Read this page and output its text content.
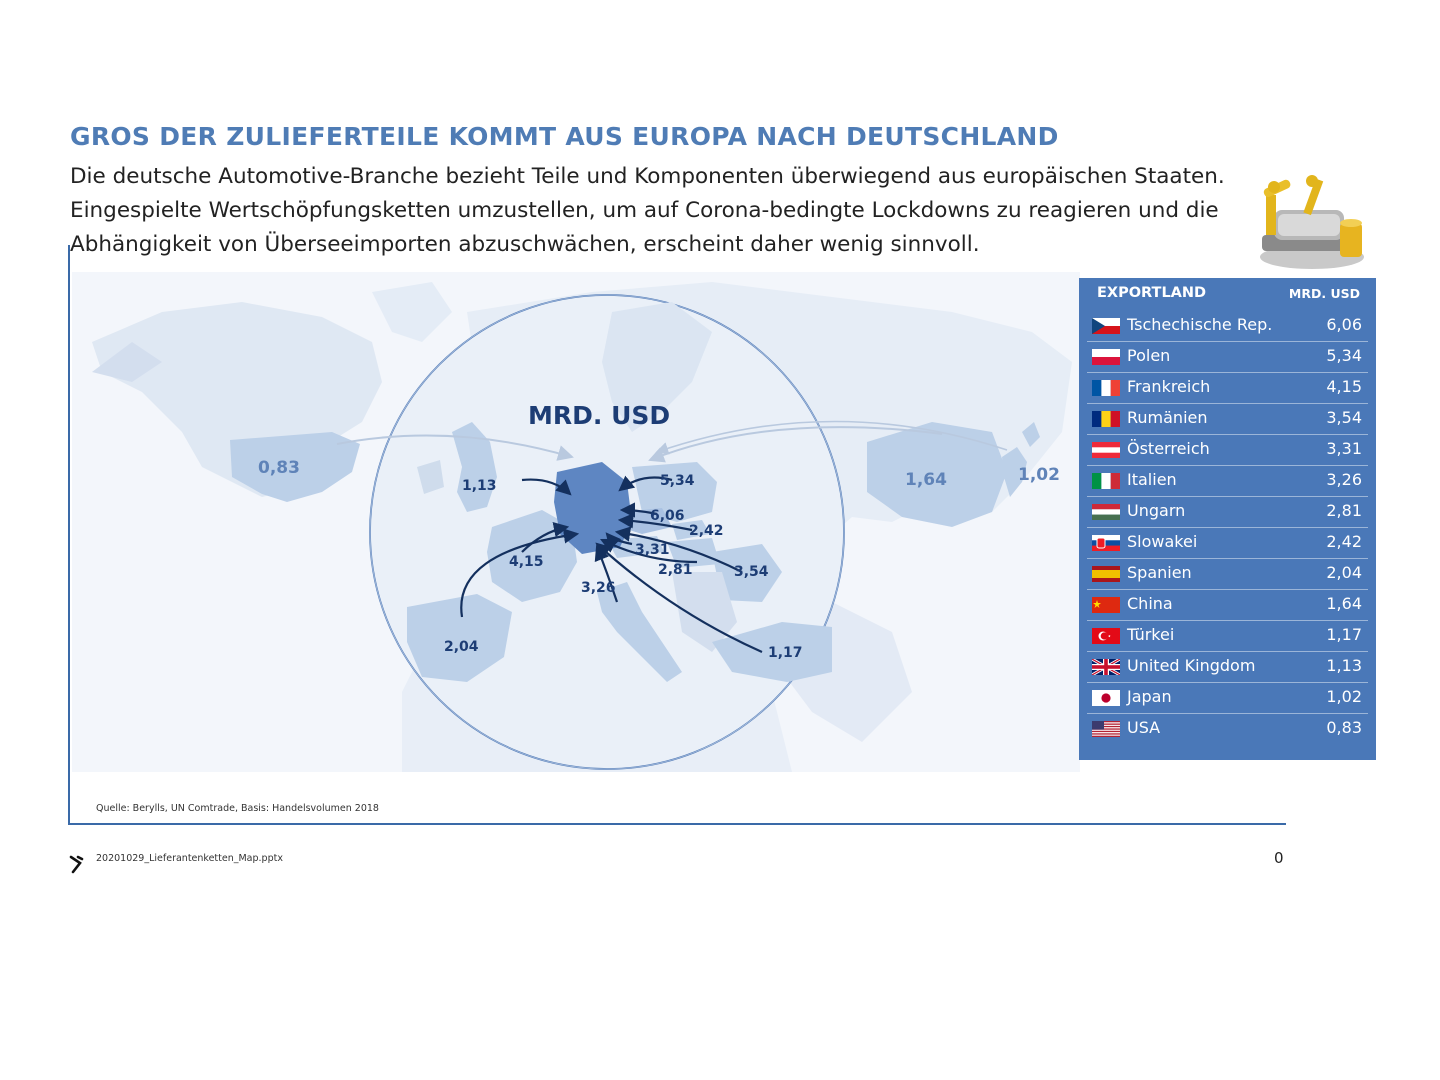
GROS DER ZULIEFERTEILE KOMMT AUS EUROPA NACH DEUTSCHLAND
Die deutsche Automotive-Branche bezieht Teile und Komponenten überwiegend aus europäischen Staaten. Eingespielte Wertschöpfungsketten umzustellen, um auf Corona-bedingte Lockdowns zu reagieren und die Abhängigkeit von Überseeimporten abzuschwächen, erscheint daher wenig sinnvoll.
MRD. USD
0,83
1,13	5,34
6,06
2,42
3,31
4,15	2,81	3,54
3,26
2,04	1,17
1,64	1,02
EXPORTLAND	MRD. USD
Tschechische Rep.	6,06
Polen	5,34
Frankreich	4,15
Rumänien	3,54
Österreich	3,31
Italien	3,26
Ungarn	2,81
Slowakei	2,42
Spanien	2,04
China	1,64
Türkei	1,17
United Kingdom	1,13
Japan	1,02
USA	0,83
Quelle: Berylls, UN Comtrade, Basis: Handelsvolumen 2018
20201029_Lieferantenketten_Map.pptx	0
